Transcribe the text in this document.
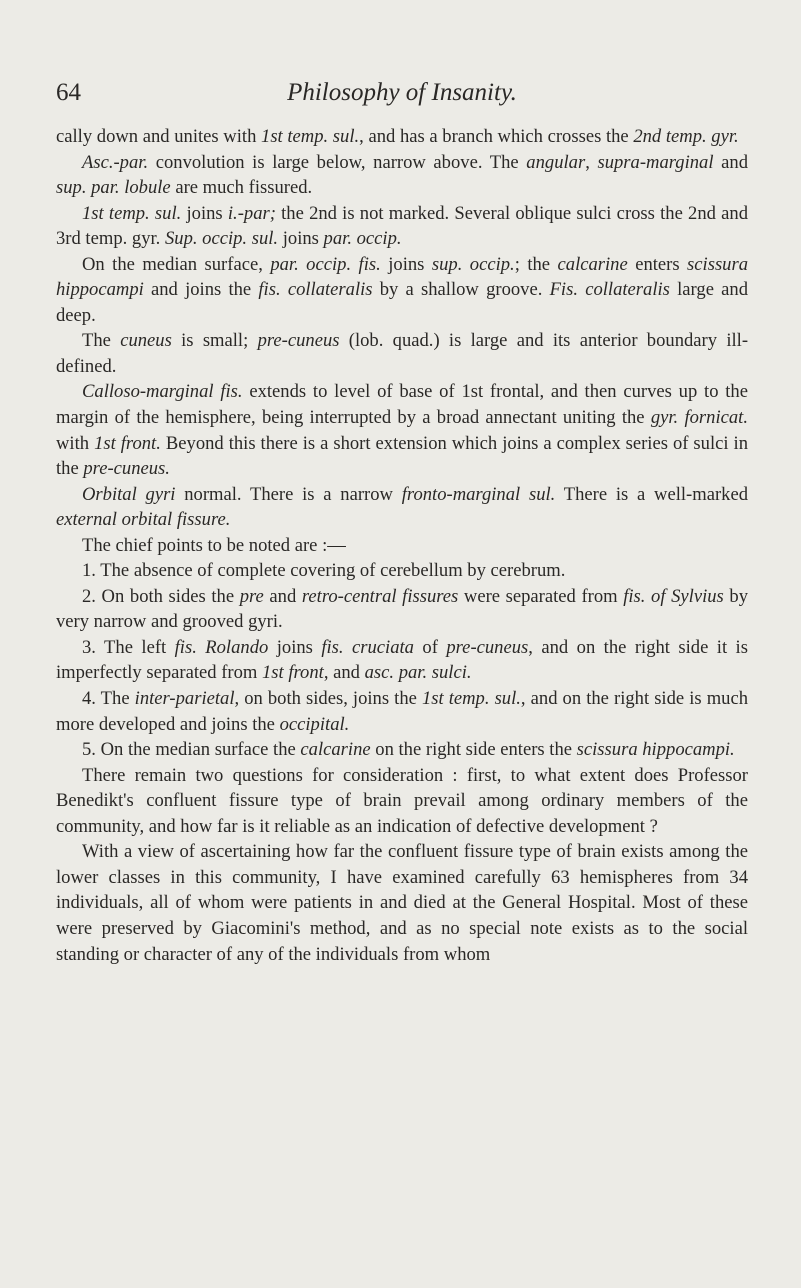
64	Philosophy of Insanity.

cally down and unites with 1st temp. sul., and has a branch which crosses the 2nd temp. gyr.

Asc.-par. convolution is large below, narrow above. The angular, supra-marginal and sup. par. lobule are much fissured.

1st temp. sul. joins i.-par; the 2nd is not marked. Several oblique sulci cross the 2nd and 3rd temp. gyr. Sup. occip. sul. joins par. occip.

On the median surface, par. occip. fis. joins sup. occip.; the calcarine enters scissura hippocampi and joins the fis. collateralis by a shallow groove. Fis. collateralis large and deep.

The cuneus is small; pre-cuneus (lob. quad.) is large and its anterior boundary ill-defined.

Calloso-marginal fis. extends to level of base of 1st frontal, and then curves up to the margin of the hemisphere, being interrupted by a broad annectant uniting the gyr. fornicat. with 1st front. Beyond this there is a short extension which joins a complex series of sulci in the pre-cuneus.

Orbital gyri normal. There is a narrow fronto-marginal sul. There is a well-marked external orbital fissure.

The chief points to be noted are :—

1. The absence of complete covering of cerebellum by cerebrum.

2. On both sides the pre and retro-central fissures were separated from fis. of Sylvius by very narrow and grooved gyri.

3. The left fis. Rolando joins fis. cruciata of pre-cuneus, and on the right side it is imperfectly separated from 1st front, and asc. par. sulci.

4. The inter-parietal, on both sides, joins the 1st temp. sul., and on the right side is much more developed and joins the occipital.

5. On the median surface the calcarine on the right side enters the scissura hippocampi.

There remain two questions for consideration : first, to what extent does Professor Benedikt's confluent fissure type of brain prevail among ordinary members of the community, and how far is it reliable as an indication of defective development ?

With a view of ascertaining how far the confluent fissure type of brain exists among the lower classes in this community, I have examined carefully 63 hemispheres from 34 individuals, all of whom were patients in and died at the General Hospital. Most of these were preserved by Giacomini's method, and as no special note exists as to the social standing or character of any of the individuals from whom
